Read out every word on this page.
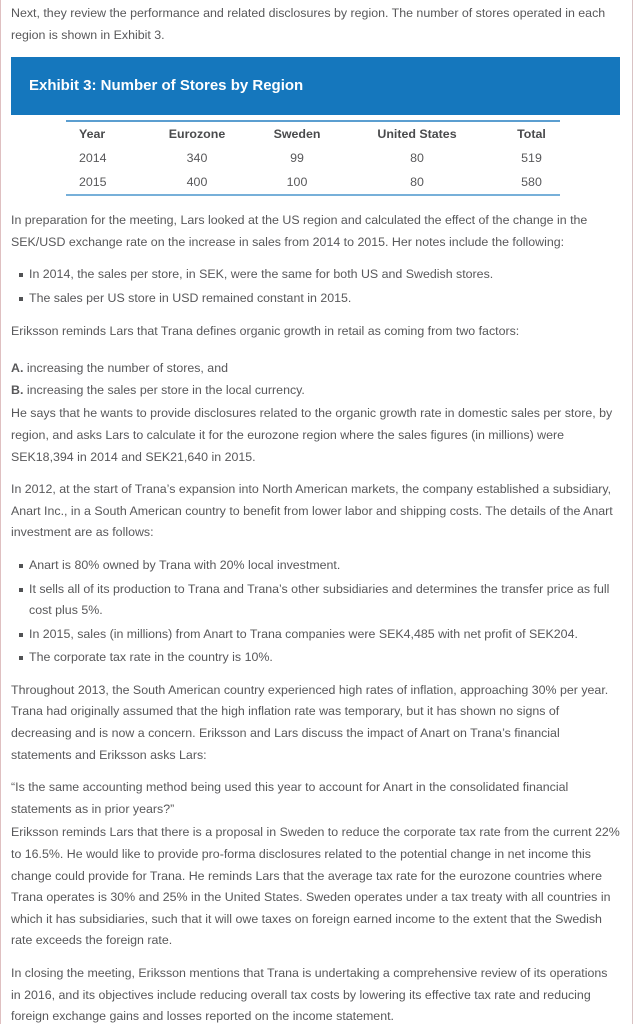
Next, they review the performance and related disclosures by region. The number of stores operated in each region is shown in Exhibit 3.

Exhibit 3: Number of Stores by Region
Year	Eurozone	Sweden	United States	Total
2014	340	99	80	519
2015	400	100	80	580

In preparation for the meeting, Lars looked at the US region and calculated the effect of the change in the SEK/USD exchange rate on the increase in sales from 2014 to 2015. Her notes include the following:

In 2014, the sales per store, in SEK, were the same for both US and Swedish stores.
The sales per US store in USD remained constant in 2015.

Eriksson reminds Lars that Trana defines organic growth in retail as coming from two factors:

A. increasing the number of stores, and
B. increasing the sales per store in the local currency.

He says that he wants to provide disclosures related to the organic growth rate in domestic sales per store, by region, and asks Lars to calculate it for the eurozone region where the sales figures (in millions) were SEK18,394 in 2014 and SEK21,640 in 2015.

In 2012, at the start of Trana’s expansion into North American markets, the company established a subsidiary, Anart Inc., in a South American country to benefit from lower labor and shipping costs. The details of the Anart investment are as follows:

Anart is 80% owned by Trana with 20% local investment.
It sells all of its production to Trana and Trana’s other subsidiaries and determines the transfer price as full cost plus 5%.
In 2015, sales (in millions) from Anart to Trana companies were SEK4,485 with net profit of SEK204.
The corporate tax rate in the country is 10%.

Throughout 2013, the South American country experienced high rates of inflation, approaching 30% per year. Trana had originally assumed that the high inflation rate was temporary, but it has shown no signs of decreasing and is now a concern. Eriksson and Lars discuss the impact of Anart on Trana’s financial statements and Eriksson asks Lars:

“Is the same accounting method being used this year to account for Anart in the consolidated financial statements as in prior years?”

Eriksson reminds Lars that there is a proposal in Sweden to reduce the corporate tax rate from the current 22% to 16.5%. He would like to provide pro-forma disclosures related to the potential change in net income this change could provide for Trana. He reminds Lars that the average tax rate for the eurozone countries where Trana operates is 30% and 25% in the United States. Sweden operates under a tax treaty with all countries in which it has subsidiaries, such that it will owe taxes on foreign earned income to the extent that the Swedish rate exceeds the foreign rate.

In closing the meeting, Eriksson mentions that Trana is undertaking a comprehensive review of its operations in 2016, and its objectives include reducing overall tax costs by lowering its effective tax rate and reducing foreign exchange gains and losses reported on the income statement.
